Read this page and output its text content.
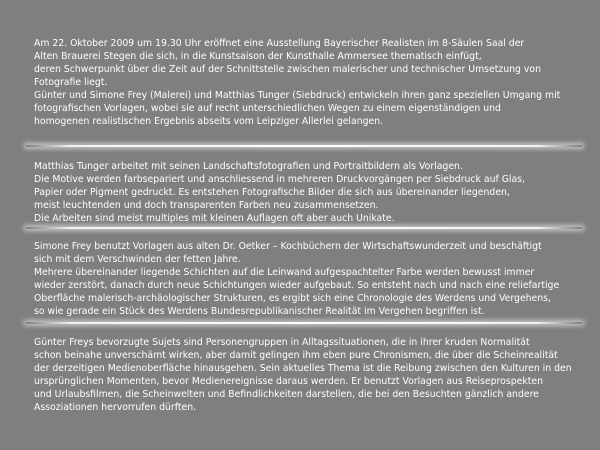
Am 22. Oktober 2009 um 19.30 Uhr eröffnet eine Ausstellung Bayerischer Realisten im 8-Säulen Saal der
Alten Brauerei Stegen die sich, in die Kunstsaison der Kunsthalle Ammersee thematisch einfügt,
deren Schwerpunkt über die Zeit auf der Schnittstelle zwischen malerischer und technischer Umsetzung von
Fotografie liegt.
Günter und Simone Frey (Malerei) und Matthias Tunger (Siebdruck) entwickeln ihren ganz speziellen Umgang mit
fotografischen Vorlagen, wobei sie auf recht unterschiedlichen Wegen zu einem eigenständigen und
homogenen realistischen Ergebnis abseits vom Leipziger Allerlei gelangen.
Matthias Tunger arbeitet mit seinen Landschaftsfotografien und Portraitbildern als Vorlagen.
Die Motive werden farbsepariert und anschliessend in mehreren Druckvorgängen per Siebdruck auf Glas,
Papier oder Pigment gedruckt. Es entstehen Fotografische Bilder die sich aus übereinander liegenden,
meist leuchtenden und doch transparenten Farben neu zusammensetzen.
Die Arbeiten sind meist multiples mit kleinen Auflagen oft aber auch Unikate.
Simone Frey benutzt Vorlagen aus alten Dr. Oetker – Kochbüchern der Wirtschaftswunderzeit und beschäftigt
sich mit dem Verschwinden der fetten Jahre.
Mehrere übereinander liegende Schichten auf die Leinwand aufgespachtelter Farbe werden bewusst immer
wieder zerstört, danach durch neue Schichtungen wieder aufgebaut. So entsteht nach und nach eine reliefartige
Oberfläche malerisch-archäologischer Strukturen, es ergibt sich eine Chronologie des Werdens und Vergehens,
so wie gerade ein Stück des Werdens Bundesrepublikanischer Realität im Vergehen begriffen ist.
Günter Freys bevorzugte Sujets sind Personengruppen in Alltagssituationen, die in ihrer kruden Normalität
schon beinahe unverschämt wirken, aber damit gelingen ihm eben pure Chronismen, die über die Scheinrealität
der derzeitigen Medienoberfläche hinausgehen. Sein aktuelles Thema ist die Reibung zwischen den Kulturen in den
ursprünglichen Momenten, bevor Medienereignisse daraus werden. Er benutzt Vorlagen aus Reiseprospekten
und Urlaubsfilmen, die Scheinwelten und Befindlichkeiten darstellen, die bei den Besuchten gänzlich andere
Assoziationen hervorrufen dürften.
